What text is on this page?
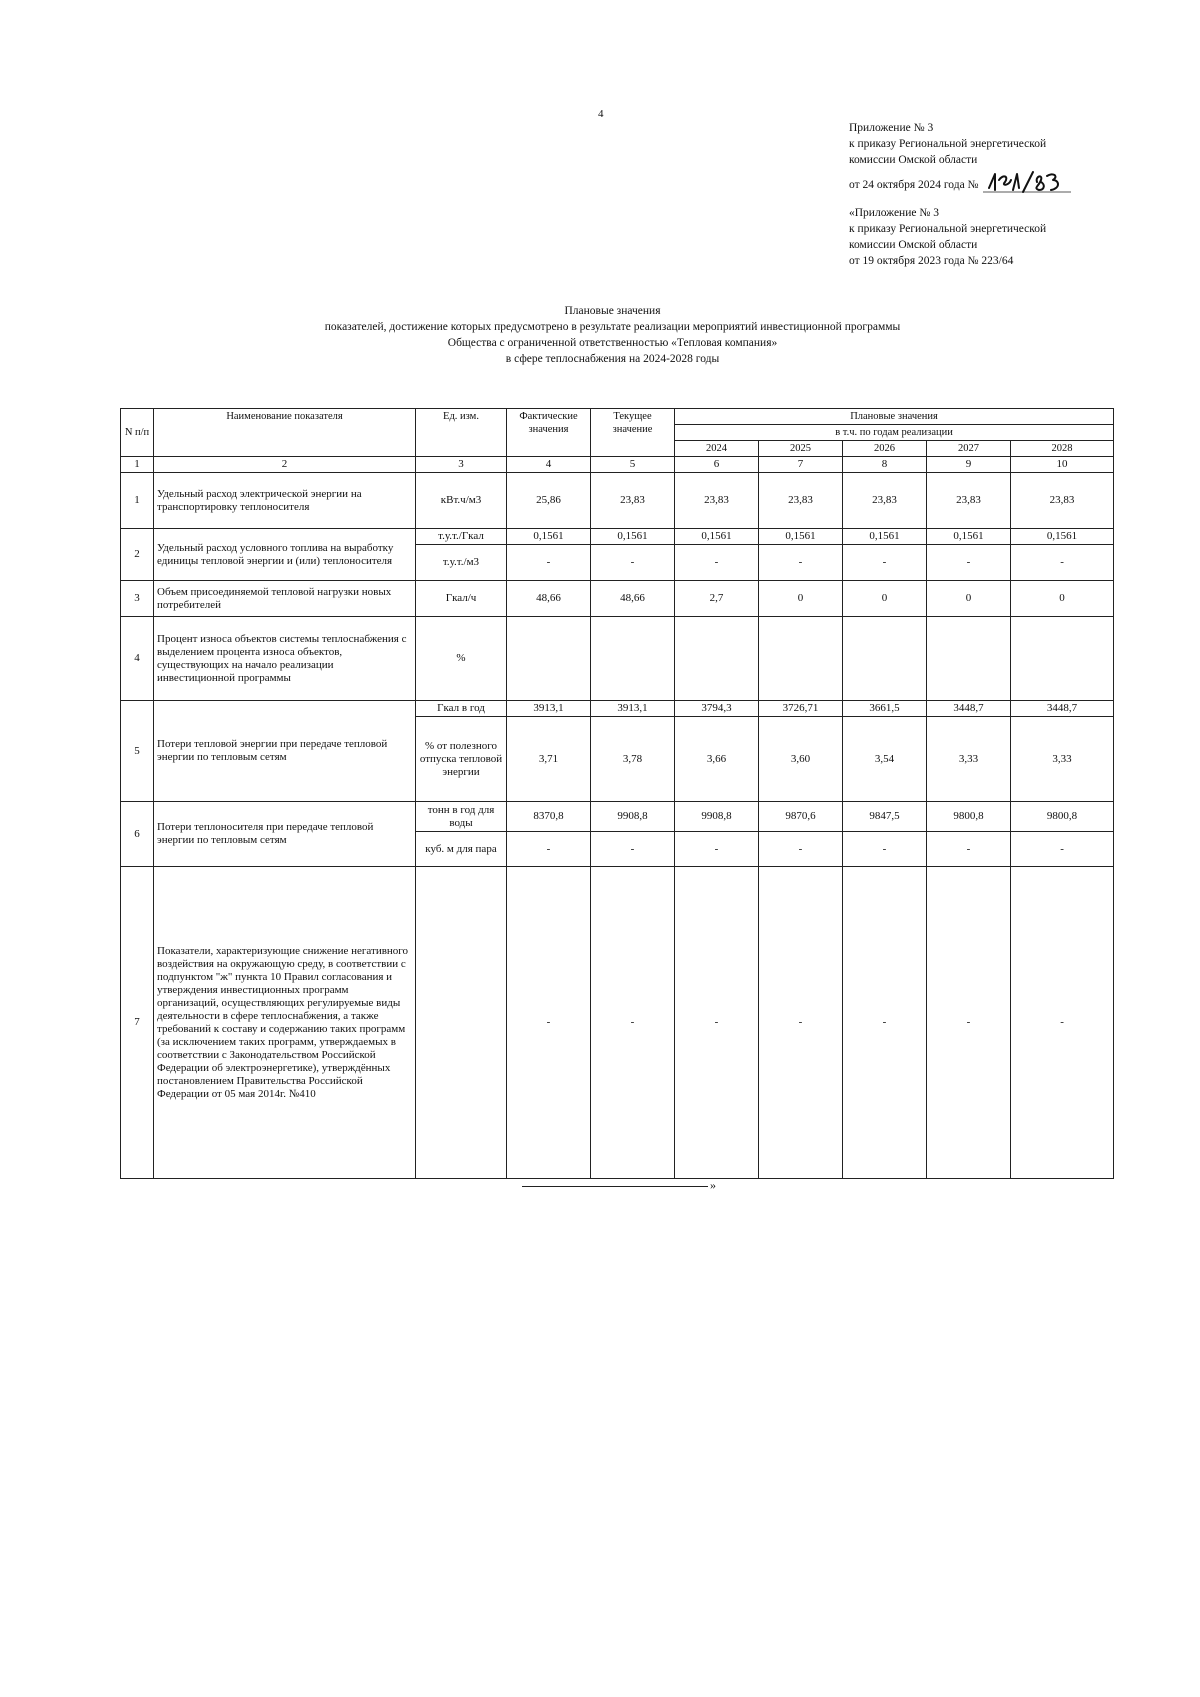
4
Приложение № 3
к приказу Региональной энергетической
комиссии Омской области
от 24 октября 2024 года №
«Приложение № 3
к приказу Региональной энергетической
комиссии Омской области
от 19 октября 2023 года № 223/64
Плановые значения
показателей, достижение которых предусмотрено в результате реализации мероприятий инвестиционной программы
Общества с ограниченной ответственностью «Тепловая компания»
в сфере теплоснабжения на 2024-2028 годы
N п/п	Наименование показателя	Ед. изм.	Фактические значения	Текущее значение	Плановые значения				
					в т.ч. по годам реализации				
					2024	2025	2026	2027	2028
1	2	3	4	5	6	7	8	9	10
1	Удельный расход электрической энергии на транспортировку теплоносителя	кВт.ч/м3	25,86	23,83	23,83	23,83	23,83	23,83	23,83
2	Удельный расход условного топлива на выработку единицы тепловой энергии и (или) теплоносителя	т.у.т./Гкал	0,1561	0,1561	0,1561	0,1561	0,1561	0,1561	0,1561
		т.у.т./м3	-	-	-	-	-	-	-
3	Объем присоединяемой тепловой нагрузки новых потребителей	Гкал/ч	48,66	48,66	2,7	0	0	0	0
4	Процент износа объектов системы теплоснабжения с выделением процента износа объектов, существующих на начало реализации инвестиционной программы	%							
5	Потери тепловой энергии при передаче тепловой энергии по тепловым сетям	Гкал в год	3913,1	3913,1	3794,3	3726,71	3661,5	3448,7	3448,7
		% от полезного отпуска тепловой энергии	3,71	3,78	3,66	3,60	3,54	3,33	3,33
6	Потери теплоносителя при передаче тепловой энергии по тепловым сетям	тонн в год для воды	8370,8	9908,8	9908,8	9870,6	9847,5	9800,8	9800,8
		куб. м для пара	-	-	-	-	-	-	-
7	Показатели, характеризующие снижение негативного воздействия на окружающую среду, в соответствии с подпунктом "ж" пункта 10 Правил согласования и утверждения инвестиционных программ организаций, осуществляющих регулируемые виды деятельности в сфере теплоснабжения, а также требований к составу и содержанию таких программ (за исключением таких программ, утверждаемых в соответствии с Законодательством Российской Федерации об электроэнергетике), утверждённых постановлением Правительства Российской Федерации от 05 мая 2014г. №410		-	-	-	-	-	-	-
»
